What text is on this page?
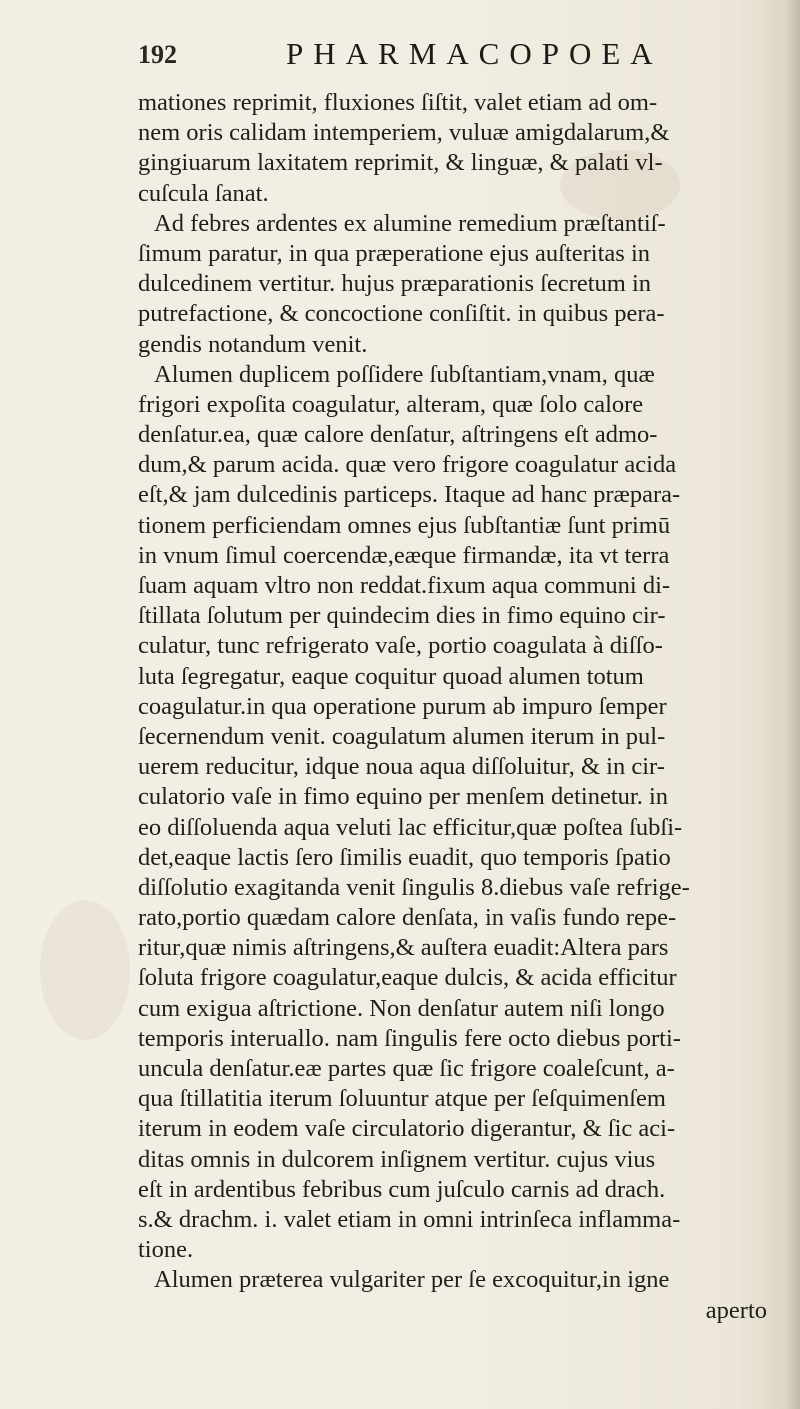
192	PHARMACOPOEA
mationes reprimit, fluxiones ſiſtit, valet etiam ad om-
nem oris calidam intemperiem, vuluæ amigdalarum,&
gingiuarum laxitatem reprimit, & linguæ, & palati vl-
cuſcula ſanat.
Ad febres ardentes ex alumine remedium præſtantiſ-
ſimum paratur, in qua præperatione ejus auſteritas in
dulcedinem vertitur. hujus præparationis ſecretum in
putrefactione, & concoctione conſiſtit. in quibus pera-
gendis notandum venit.
Alumen duplicem poſſidere ſubſtantiam,vnam, quæ
frigori expoſita coagulatur, alteram, quæ ſolo calore
denſatur.ea, quæ calore denſatur, aſtringens eſt admo-
dum,& parum acida. quæ vero frigore coagulatur acida
eſt,& jam dulcedinis particeps. Itaque ad hanc præpara-
tionem perficiendam omnes ejus ſubſtantiæ ſunt primū
in vnum ſimul coercendæ,eæque firmandæ, ita vt terra
ſuam aquam vltro non reddat.fixum aqua communi di-
ſtillata ſolutum per quindecim dies in fimo equino cir-
culatur, tunc refrigerato vaſe, portio coagulata à diſſo-
luta ſegregatur, eaque coquitur quoad alumen totum
coagulatur.in qua operatione purum ab impuro ſemper
ſecernendum venit. coagulatum alumen iterum in pul-
uerem reducitur, idque noua aqua diſſoluitur, & in cir-
culatorio vaſe in fimo equino per menſem detinetur. in
eo diſſoluenda aqua veluti lac efficitur,quæ poſtea ſubſi-
det,eaque lactis ſero ſimilis euadit, quo temporis ſpatio
diſſolutio exagitanda venit ſingulis 8.diebus vaſe refrige-
rato,portio quædam calore denſata, in vaſis fundo repe-
ritur,quæ nimis aſtringens,& auſtera euadit:Altera pars
ſoluta frigore coagulatur,eaque dulcis, & acida efficitur
cum exigua aſtrictione. Non denſatur autem niſi longo
temporis interuallo. nam ſingulis fere octo diebus porti-
uncula denſatur.eæ partes quæ ſic frigore coaleſcunt, a-
qua ſtillatitia iterum ſoluuntur atque per ſeſquimenſem
iterum in eodem vaſe circulatorio digerantur, & ſic aci-
ditas omnis in dulcorem inſignem vertitur. cujus vius
eſt in ardentibus febribus cum juſculo carnis ad drach.
s.& drachm. i. valet etiam in omni intrinſeca inflamma-
tione.
Alumen præterea vulgariter per ſe excoquitur,in igne
aperto
